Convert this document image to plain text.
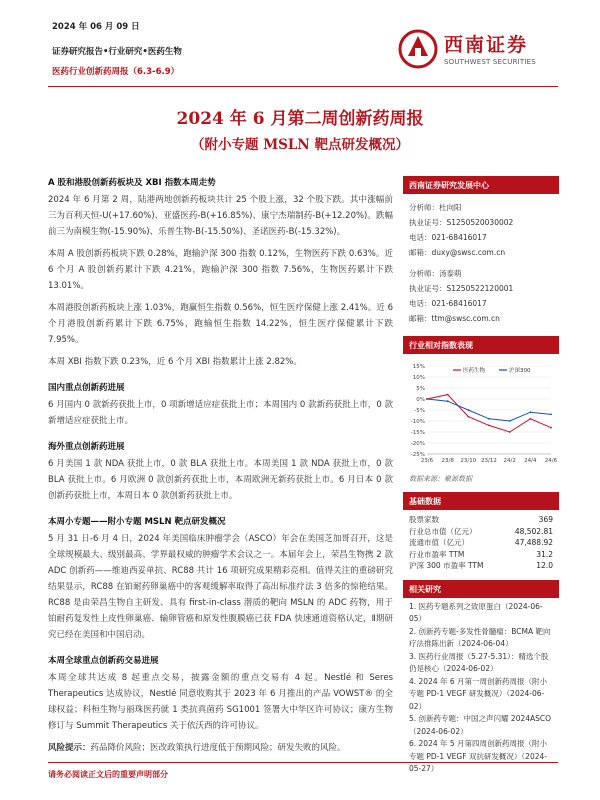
2024 年 06 月 09 日
证券研究报告•行业研究•医药生物
医药行业创新药周报（6.3-6.9）
西南证券
SOUTHWEST SECURITIES
2024 年 6 月第二周创新药周报
（附小专题 MSLN 靶点研发概况）
A 股和港股创新药板块及 XBI 指数本周走势
2024 年 6 月第 2 周，陆港两地创新药板块共计 25 个股上涨，32 个股下跌。其中涨幅前三为百利天恒-U(+17.60%)、亚盛医药-B(+16.85%)、康宁杰瑞制药-B(+12.20%)。跌幅前三为南模生物(-15.90%)、乐普生物-B(-15.50%)、圣诺医药-B(-15.32%)。
本周 A 股创新药板块下跌 0.28%，跑输沪深 300 指数 0.12%，生物医药下跌 0.63%。近 6 个月 A 股创新药累计下跌 4.21%，跑输沪深 300 指数 7.56%，生物医药累计下跌 13.01%。
本周港股创新药板块上涨 1.03%，跑赢恒生指数 0.56%，恒生医疗保健上涨 2.41%。近 6 个月港股创新药累计下跌 6.75%，跑输恒生指数 14.22%，恒生医疗保健累计下跌 7.95%。
本周 XBI 指数下跌 0.23%，近 6 个月 XBI 指数累计上涨 2.82%。
国内重点创新药进展
6 月国内 0 款新药获批上市，0 项新增适应症获批上市；本周国内 0 款新药获批上市，0 款新增适应症获批上市。
海外重点创新药进展
6 月美国 1 款 NDA 获批上市，0 款 BLA 获批上市。本周美国 1 款 NDA 获批上市，0 款 BLA 获批上市。6 月欧洲 0 款创新药获批上市，本周欧洲无新药获批上市。6 月日本 0 款创新药获批上市，本周日本 0 款创新药获批上市。
本周小专题——附小专题 MSLN 靶点研发概况
5 月 31 日-6 月 4 日，2024 年美国临床肿瘤学会（ASCO）年会在美国芝加哥召开，这是全球规模最大、级别最高、学界最权威的肿瘤学术会议之一。本届年会上，荣昌生物携 2 款 ADC 创新药——维迪西妥单抗、RC88 共计 16 项研究成果精彩亮相。值得关注的重磅研究结果显示，RC88 在铂耐药卵巢癌中的客观缓解率取得了高出标准疗法 3 倍多的惊艳结果。RC88 是由荣昌生物自主研发、具有 first-in-class 潜质的靶向 MSLN 的 ADC 药物，用于铂耐药复发性上皮性卵巢癌、输卵管癌和原发性腹膜癌已获 FDA 快速通道资格认定，Ⅱ期研究已经在美国和中国启动。
本周全球重点创新药交易进展
本周全球共达成 8 起重点交易，披露金额的重点交易有 4 起。Nestlé 和 Seres Therapeutics 达成协议，Nestlé 同意收购其于 2023 年 6 月推出的产品 VOWST® 的全球权益；科桓生物与丽珠医药就 1 类抗真菌药 SG1001 签署大中华区许可协议；康方生物修订与 Summit Therapeutics 关于依沃西的许可协议。
风险提示：药品降价风险；医改政策执行进度低于预期风险；研发失败的风险。
西南证券研究发展中心
分析师：杜向阳
执业证号：S1250520030002
电话：021-68416017
邮箱：duxy@swsc.com.cn
分析师：汤泰萌
执业证号：S1250522120001
电话：021-68416017
邮箱：ttm@swsc.com.cn
行业相对指数表现
15%
10%
5%
0%
-5%
-10%
-15%
-20%
-25%
23/6 23/8 23/10 23/12 24/2 24/4 24/6
医药生物	沪深300
数据来源：聚源数据
基础数据
股票家数	369
行业总市值（亿元）	48,502.81
流通市值（亿元）	47,488.92
行业市盈率 TTM	31.2
沪深 300 市盈率 TTM	12.0
相关研究
1. 医药专题系列之致原蛋白（2024-06-05）
2. 创新药专题-多发性骨髓瘤：BCMA 靶向疗法推陈出新（2024-06-04）
3. 医药行业周报（5.27-5.31）：精选个股仍是核心（2024-06-02）
4. 2024 年 6 月第一周创新药周报（附小专题 PD-1 VEGF 研发概况）（2024-06-02）
5. 创新药专题：中国之声闪耀 2024ASCO（2024-06-02）
6. 2024 年 5 月第四周创新药周报（附小专题 PD-1 VEGF 双抗研发概况）（2024-05-27）
请务必阅读正文后的重要声明部分
